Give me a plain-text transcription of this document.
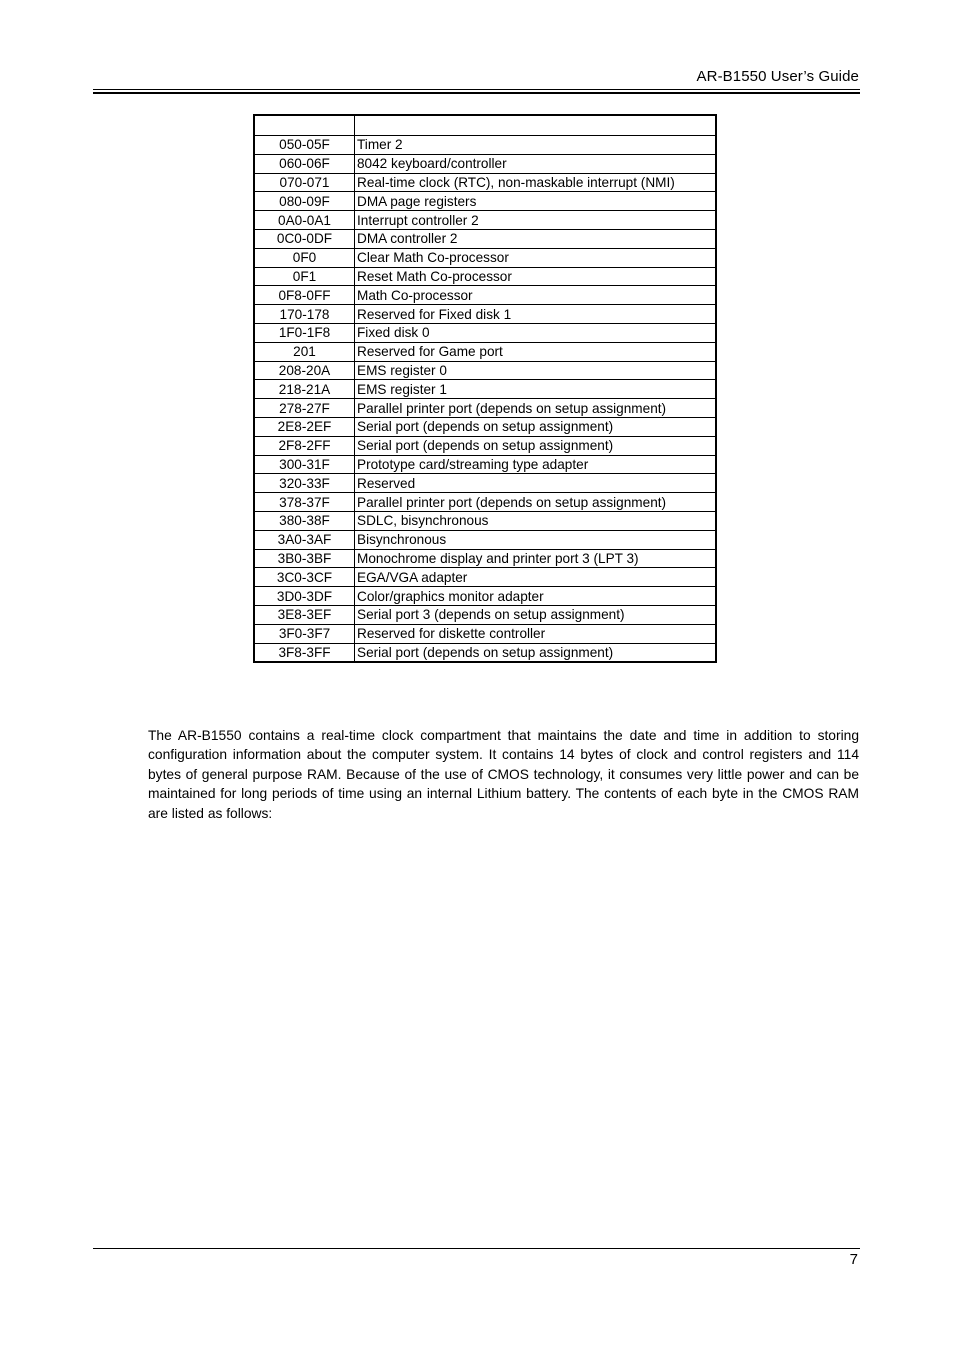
AR-B1550 User’s Guide

050-05F	Timer 2
060-06F	8042 keyboard/controller
070-071	Real-time clock (RTC), non-maskable interrupt (NMI)
080-09F	DMA page registers
0A0-0A1	Interrupt controller 2
0C0-0DF	DMA controller 2
0F0	Clear Math Co-processor
0F1	Reset Math Co-processor
0F8-0FF	Math Co-processor
170-178	Reserved for Fixed disk 1
1F0-1F8	Fixed disk 0
201	Reserved for Game port
208-20A	EMS register 0
218-21A	EMS register 1
278-27F	Parallel printer port (depends on setup assignment)
2E8-2EF	Serial port (depends on setup assignment)
2F8-2FF	Serial port (depends on setup assignment)
300-31F	Prototype card/streaming type adapter
320-33F	Reserved
378-37F	Parallel printer port (depends on setup assignment)
380-38F	SDLC, bisynchronous
3A0-3AF	Bisynchronous
3B0-3BF	Monochrome display and printer port 3 (LPT 3)
3C0-3CF	EGA/VGA adapter
3D0-3DF	Color/graphics monitor adapter
3E8-3EF	Serial port 3 (depends on setup assignment)
3F0-3F7	Reserved for diskette controller
3F8-3FF	Serial port (depends on setup assignment)
The AR-B1550 contains a real-time clock compartment that maintains the date and time in addition to storing configuration information about the computer system. It contains 14 bytes of clock and control registers and 114 bytes of general purpose RAM. Because of the use of CMOS technology, it consumes very little power and can be maintained for long periods of time using an internal Lithium battery. The contents of each byte in the CMOS RAM are listed as follows:
7
